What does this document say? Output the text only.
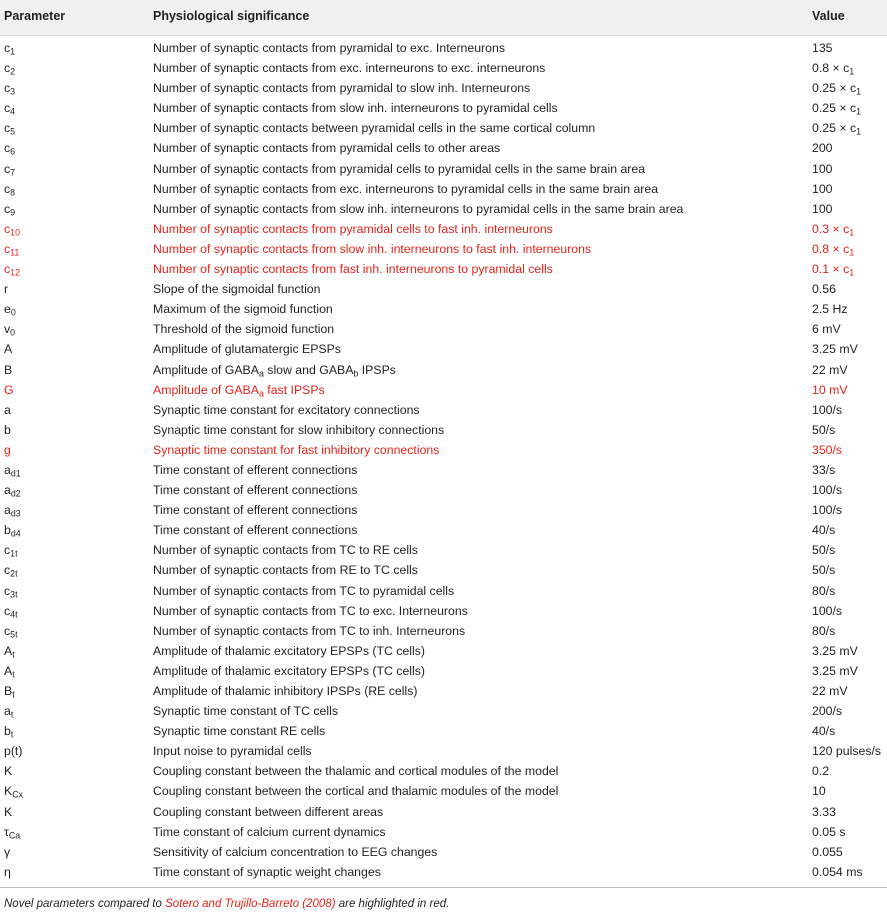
Parameter	Physiological significance	Value
$c_1$	Number of synaptic contacts from pyramidal to exc. Interneurons	135
$c_2$	Number of synaptic contacts from exc. interneurons to exc. interneurons	$0.8 \times c_1$
$c_3$	Number of synaptic contacts from pyramidal to slow inh. Interneurons	$0.25 \times c_1$
$c_4$	Number of synaptic contacts from slow inh. interneurons to pyramidal cells	$0.25 \times c_1$
$c_5$	Number of synaptic contacts between pyramidal cells in the same cortical column	$0.25 \times c_1$
$c_6$	Number of synaptic contacts from pyramidal cells to other areas	200
$c_7$	Number of synaptic contacts from pyramidal cells to pyramidal cells in the same brain area	100
$c_8$	Number of synaptic contacts from exc. interneurons to pyramidal cells in the same brain area	100
$c_9$	Number of synaptic contacts from slow inh. interneurons to pyramidal cells in the same brain area	100
$c_{10}$	Number of synaptic contacts from pyramidal cells to fast inh. interneurons	$0.3 \times c_1$
$c_{11}$	Number of synaptic contacts from slow inh. interneurons to fast inh. interneurons	$0.8 \times c_1$
$c_{12}$	Number of synaptic contacts from fast inh. interneurons to pyramidal cells	$0.1 \times c_1$
r	Slope of the sigmoidal function	0.56
$e_0$	Maximum of the sigmoid function	2.5 Hz
$v_0$	Threshold of the sigmoid function	6 mV
A	Amplitude of glutamatergic EPSPs	3.25 mV
B	Amplitude of $GABA_a$ slow and $GABA_b$ IPSPs	22 mV
G	Amplitude of $GABA_a$ fast IPSPs	10 mV
a	Synaptic time constant for excitatory connections	100/s
b	Synaptic time constant for slow inhibitory connections	50/s
g	Synaptic time constant for fast inhibitory connections	350/s
$a_{d1}$	Time constant of efferent connections	33/s
$a_{d2}$	Time constant of efferent connections	100/s
$a_{d3}$	Time constant of efferent connections	100/s
$b_{d4}$	Time constant of efferent connections	40/s
$c_{1t}$	Number of synaptic contacts from TC to RE cells	50/s
$c_{2t}$	Number of synaptic contacts from RE to TC cells	50/s
$c_{3t}$	Number of synaptic contacts from TC to pyramidal cells	80/s
$c_{4t}$	Number of synaptic contacts from TC to exc. Interneurons	100/s
$c_{5t}$	Number of synaptic contacts from TC to inh. Interneurons	80/s
$A_t$	Amplitude of thalamic excitatory EPSPs (TC cells)	3.25 mV
$A_t$	Amplitude of thalamic excitatory EPSPs (TC cells)	3.25 mV
$B_t$	Amplitude of thalamic inhibitory IPSPs (RE cells)	22 mV
$a_t$	Synaptic time constant of TC cells	200/s
$b_t$	Synaptic time constant RE cells	40/s
p(t)	Input noise to pyramidal cells	120 pulses/s
K	Coupling constant between the thalamic and cortical modules of the model	0.2
$K_{Cx}$	Coupling constant between the cortical and thalamic modules of the model	10
K	Coupling constant between different areas	3.33
$\tau_{Ca}$	Time constant of calcium current dynamics	0.05 s
γ	Sensitivity of calcium concentration to EEG changes	0.055
η	Time constant of synaptic weight changes	0.054 ms
Novel parameters compared to Sotero and Trujillo-Barreto (2008) are highlighted in red.
